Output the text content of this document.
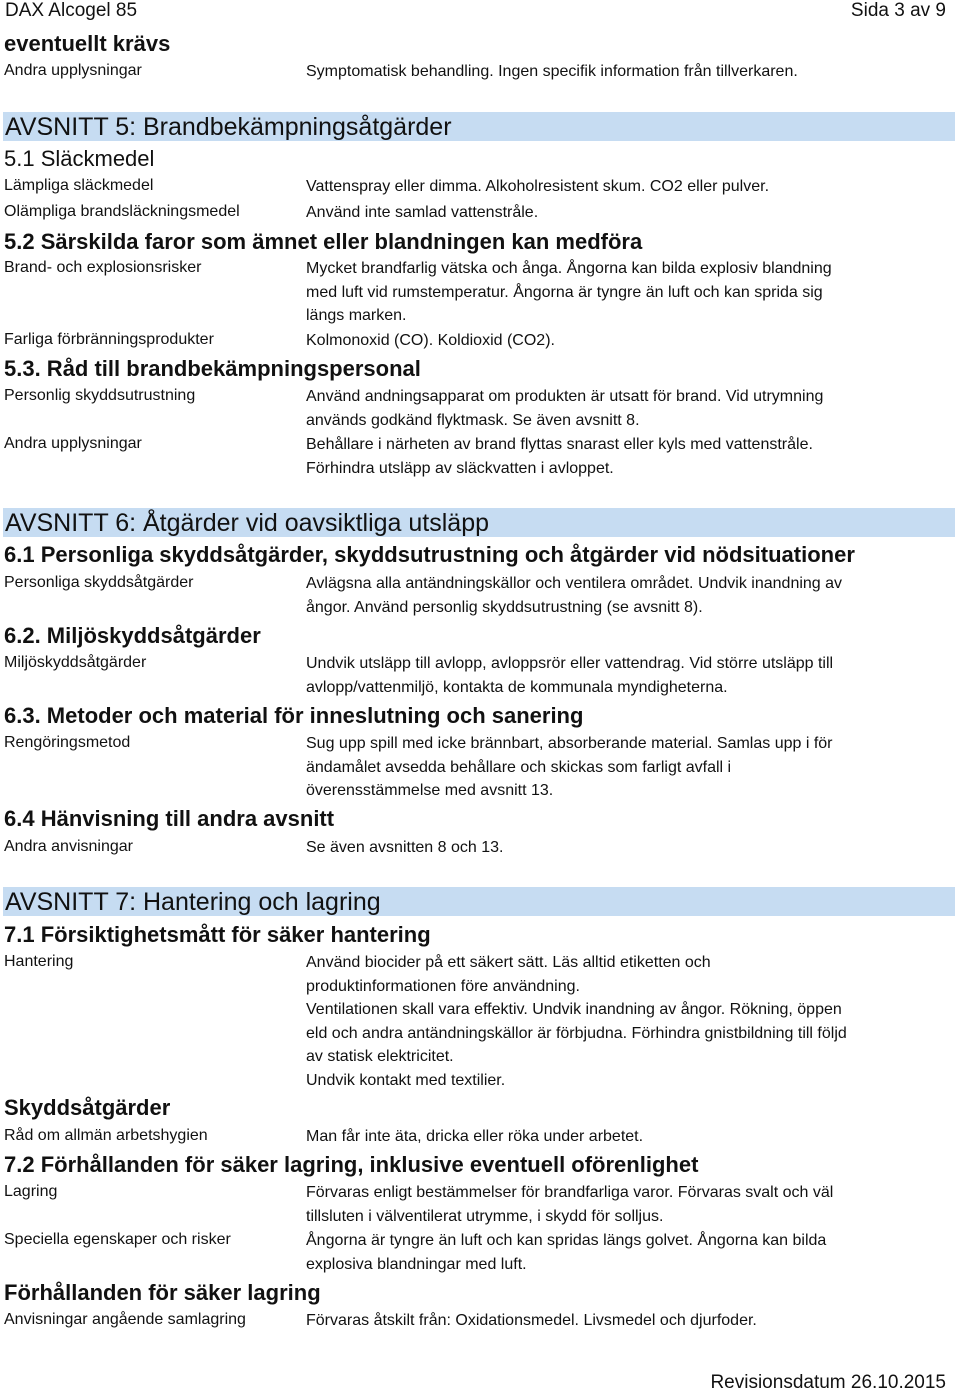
DAX Alcogel 85	Sida 3 av 9
eventuellt krävs
Andra upplysningar	Symptomatisk behandling. Ingen specifik information från tillverkaren.
AVSNITT 5: Brandbekämpningsåtgärder
5.1 Släckmedel
Lämpliga släckmedel	Vattenspray eller dimma. Alkoholresistent skum. CO2 eller pulver.
Olämpliga brandsläckningsmedel	Använd inte samlad vattenstråle.
5.2 Särskilda faror som ämnet eller blandningen kan medföra
Brand- och explosionsrisker	Mycket brandfarlig vätska och ånga. Ångorna kan bilda explosiv blandning
med luft vid rumstemperatur. Ångorna är tyngre än luft och kan sprida sig
längs marken.
Farliga förbränningsprodukter	Kolmonoxid (CO). Koldioxid (CO2).
5.3. Råd till brandbekämpningspersonal
Personlig skyddsutrustning	Använd andningsapparat om produkten är utsatt för brand. Vid utrymning
används godkänd flyktmask. Se även avsnitt 8.
Andra upplysningar	Behållare i närheten av brand flyttas snarast eller kyls med vattenstråle.
Förhindra utsläpp av släckvatten i avloppet.
AVSNITT 6: Åtgärder vid oavsiktliga utsläpp
6.1 Personliga skyddsåtgärder, skyddsutrustning och åtgärder vid nödsituationer
Personliga skyddsåtgärder	Avlägsna alla antändningskällor och ventilera området. Undvik inandning av
ångor. Använd personlig skyddsutrustning (se avsnitt 8).
6.2. Miljöskyddsåtgärder
Miljöskyddsåtgärder	Undvik utsläpp till avlopp, avloppsrör eller vattendrag. Vid större utsläpp till
avlopp/vattenmiljö, kontakta de kommunala myndigheterna.
6.3. Metoder och material för inneslutning och sanering
Rengöringsmetod	Sug upp spill med icke brännbart, absorberande material. Samlas upp i för
ändamålet avsedda behållare och skickas som farligt avfall i
överensstämmelse med avsnitt 13.
6.4 Hänvisning till andra avsnitt
Andra anvisningar	Se även avsnitten 8 och 13.
AVSNITT 7: Hantering och lagring
7.1 Försiktighetsmått för säker hantering
Hantering	Använd biocider på ett säkert sätt. Läs alltid etiketten och
produktinformationen före användning.
Ventilationen skall vara effektiv. Undvik inandning av ångor. Rökning, öppen
eld och andra antändningskällor är förbjudna. Förhindra gnistbildning till följd
av statisk elektricitet.
Undvik kontakt med textilier.
Skyddsåtgärder
Råd om allmän arbetshygien	Man får inte äta, dricka eller röka under arbetet.
7.2 Förhållanden för säker lagring, inklusive eventuell oförenlighet
Lagring	Förvaras enligt bestämmelser för brandfarliga varor. Förvaras svalt och väl
tillsluten i välventilerat utrymme, i skydd för solljus.
Speciella egenskaper och risker	Ångorna är tyngre än luft och kan spridas längs golvet. Ångorna kan bilda
explosiva blandningar med luft.
Förhållanden för säker lagring
Anvisningar angående samlagring	Förvaras åtskilt från: Oxidationsmedel. Livsmedel och djurfoder.
Revisionsdatum 26.10.2015
